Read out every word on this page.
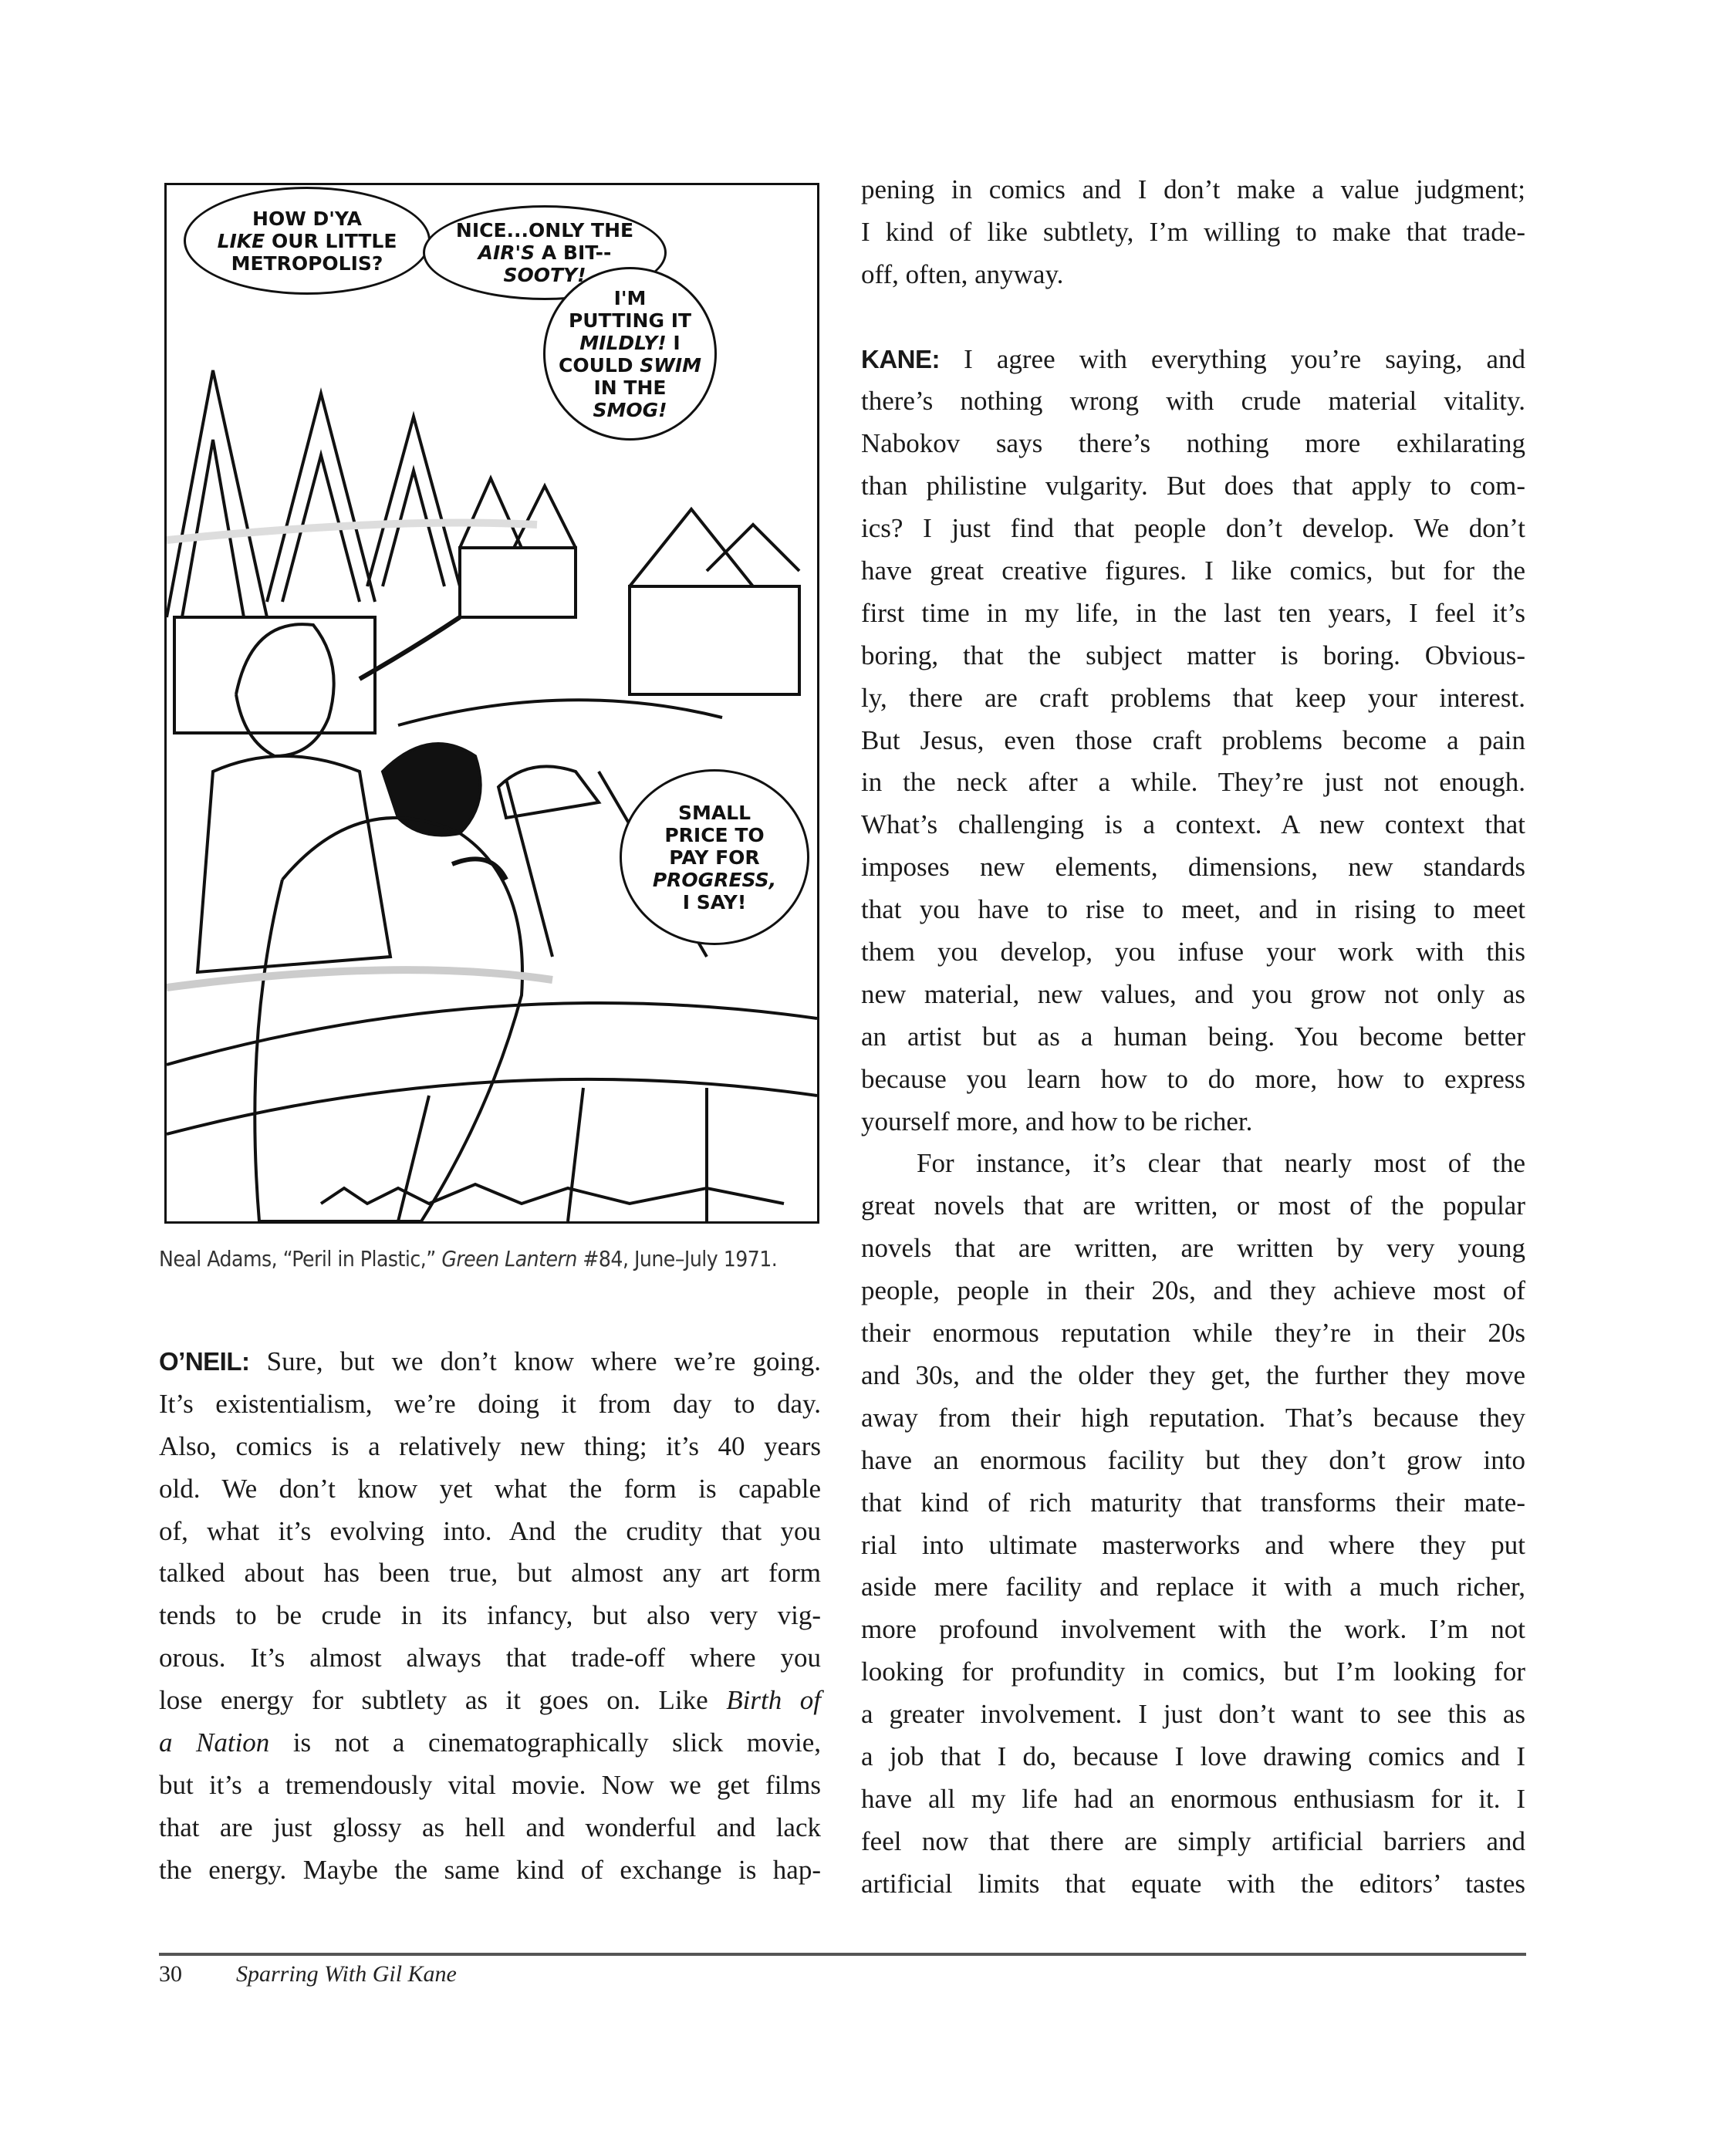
HOW D'YA
LIKE OUR LITTLE
METROPOLIS?
NICE...ONLY THE
AIR'S A BIT--
SOOTY!
I'M
PUTTING IT
MILDLY! I
COULD SWIM
IN THE
SMOG!
SMALL
PRICE TO
PAY FOR
PROGRESS,
I SAY!
Neal Adams, “Peril in Plastic,” Green Lantern #84, June–July 1971.
O’NEIL: Sure, but we don’t know where we’re going.
It’s existentialism, we’re doing it from day to day.
Also, comics is a relatively new thing; it’s 40 years
old. We don’t know yet what the form is capable
of, what it’s evolving into. And the crudity that you
talked about has been true, but almost any art form
tends to be crude in its infancy, but also very vig-
orous. It’s almost always that trade-off where you
lose energy for subtlety as it goes on. Like Birth of
a Nation is not a cinematographically slick movie,
but it’s a tremendously vital movie. Now we get films
that are just glossy as hell and wonderful and lack
the energy. Maybe the same kind of exchange is hap-
pening in comics and I don’t make a value judgment;
I kind of like subtlety, I’m willing to make that trade-
off, often, anyway.
KANE: I agree with everything you’re saying, and
there’s nothing wrong with crude material vitality.
Nabokov says there’s nothing more exhilarating
than philistine vulgarity. But does that apply to com-
ics? I just find that people don’t develop. We don’t
have great creative figures. I like comics, but for the
first time in my life, in the last ten years, I feel it’s
boring, that the subject matter is boring. Obvious-
ly, there are craft problems that keep your interest.
But Jesus, even those craft problems become a pain
in the neck after a while. They’re just not enough.
What’s challenging is a context. A new context that
imposes new elements, dimensions, new standards
that you have to rise to meet, and in rising to meet
them you develop, you infuse your work with this
new material, new values, and you grow not only as
an artist but as a human being. You become better
because you learn how to do more, how to express
yourself more, and how to be richer.
For instance, it’s clear that nearly most of the
great novels that are written, or most of the popular
novels that are written, are written by very young
people, people in their 20s, and they achieve most of
their enormous reputation while they’re in their 20s
and 30s, and the older they get, the further they move
away from their high reputation. That’s because they
have an enormous facility but they don’t grow into
that kind of rich maturity that transforms their mate-
rial into ultimate masterworks and where they put
aside mere facility and replace it with a much richer,
more profound involvement with the work. I’m not
looking for profundity in comics, but I’m looking for
a greater involvement. I just don’t want to see this as
a job that I do, because I love drawing comics and I
have all my life had an enormous enthusiasm for it. I
feel now that there are simply artificial barriers and
artificial limits that equate with the editors’ tastes
30 Sparring With Gil Kane
